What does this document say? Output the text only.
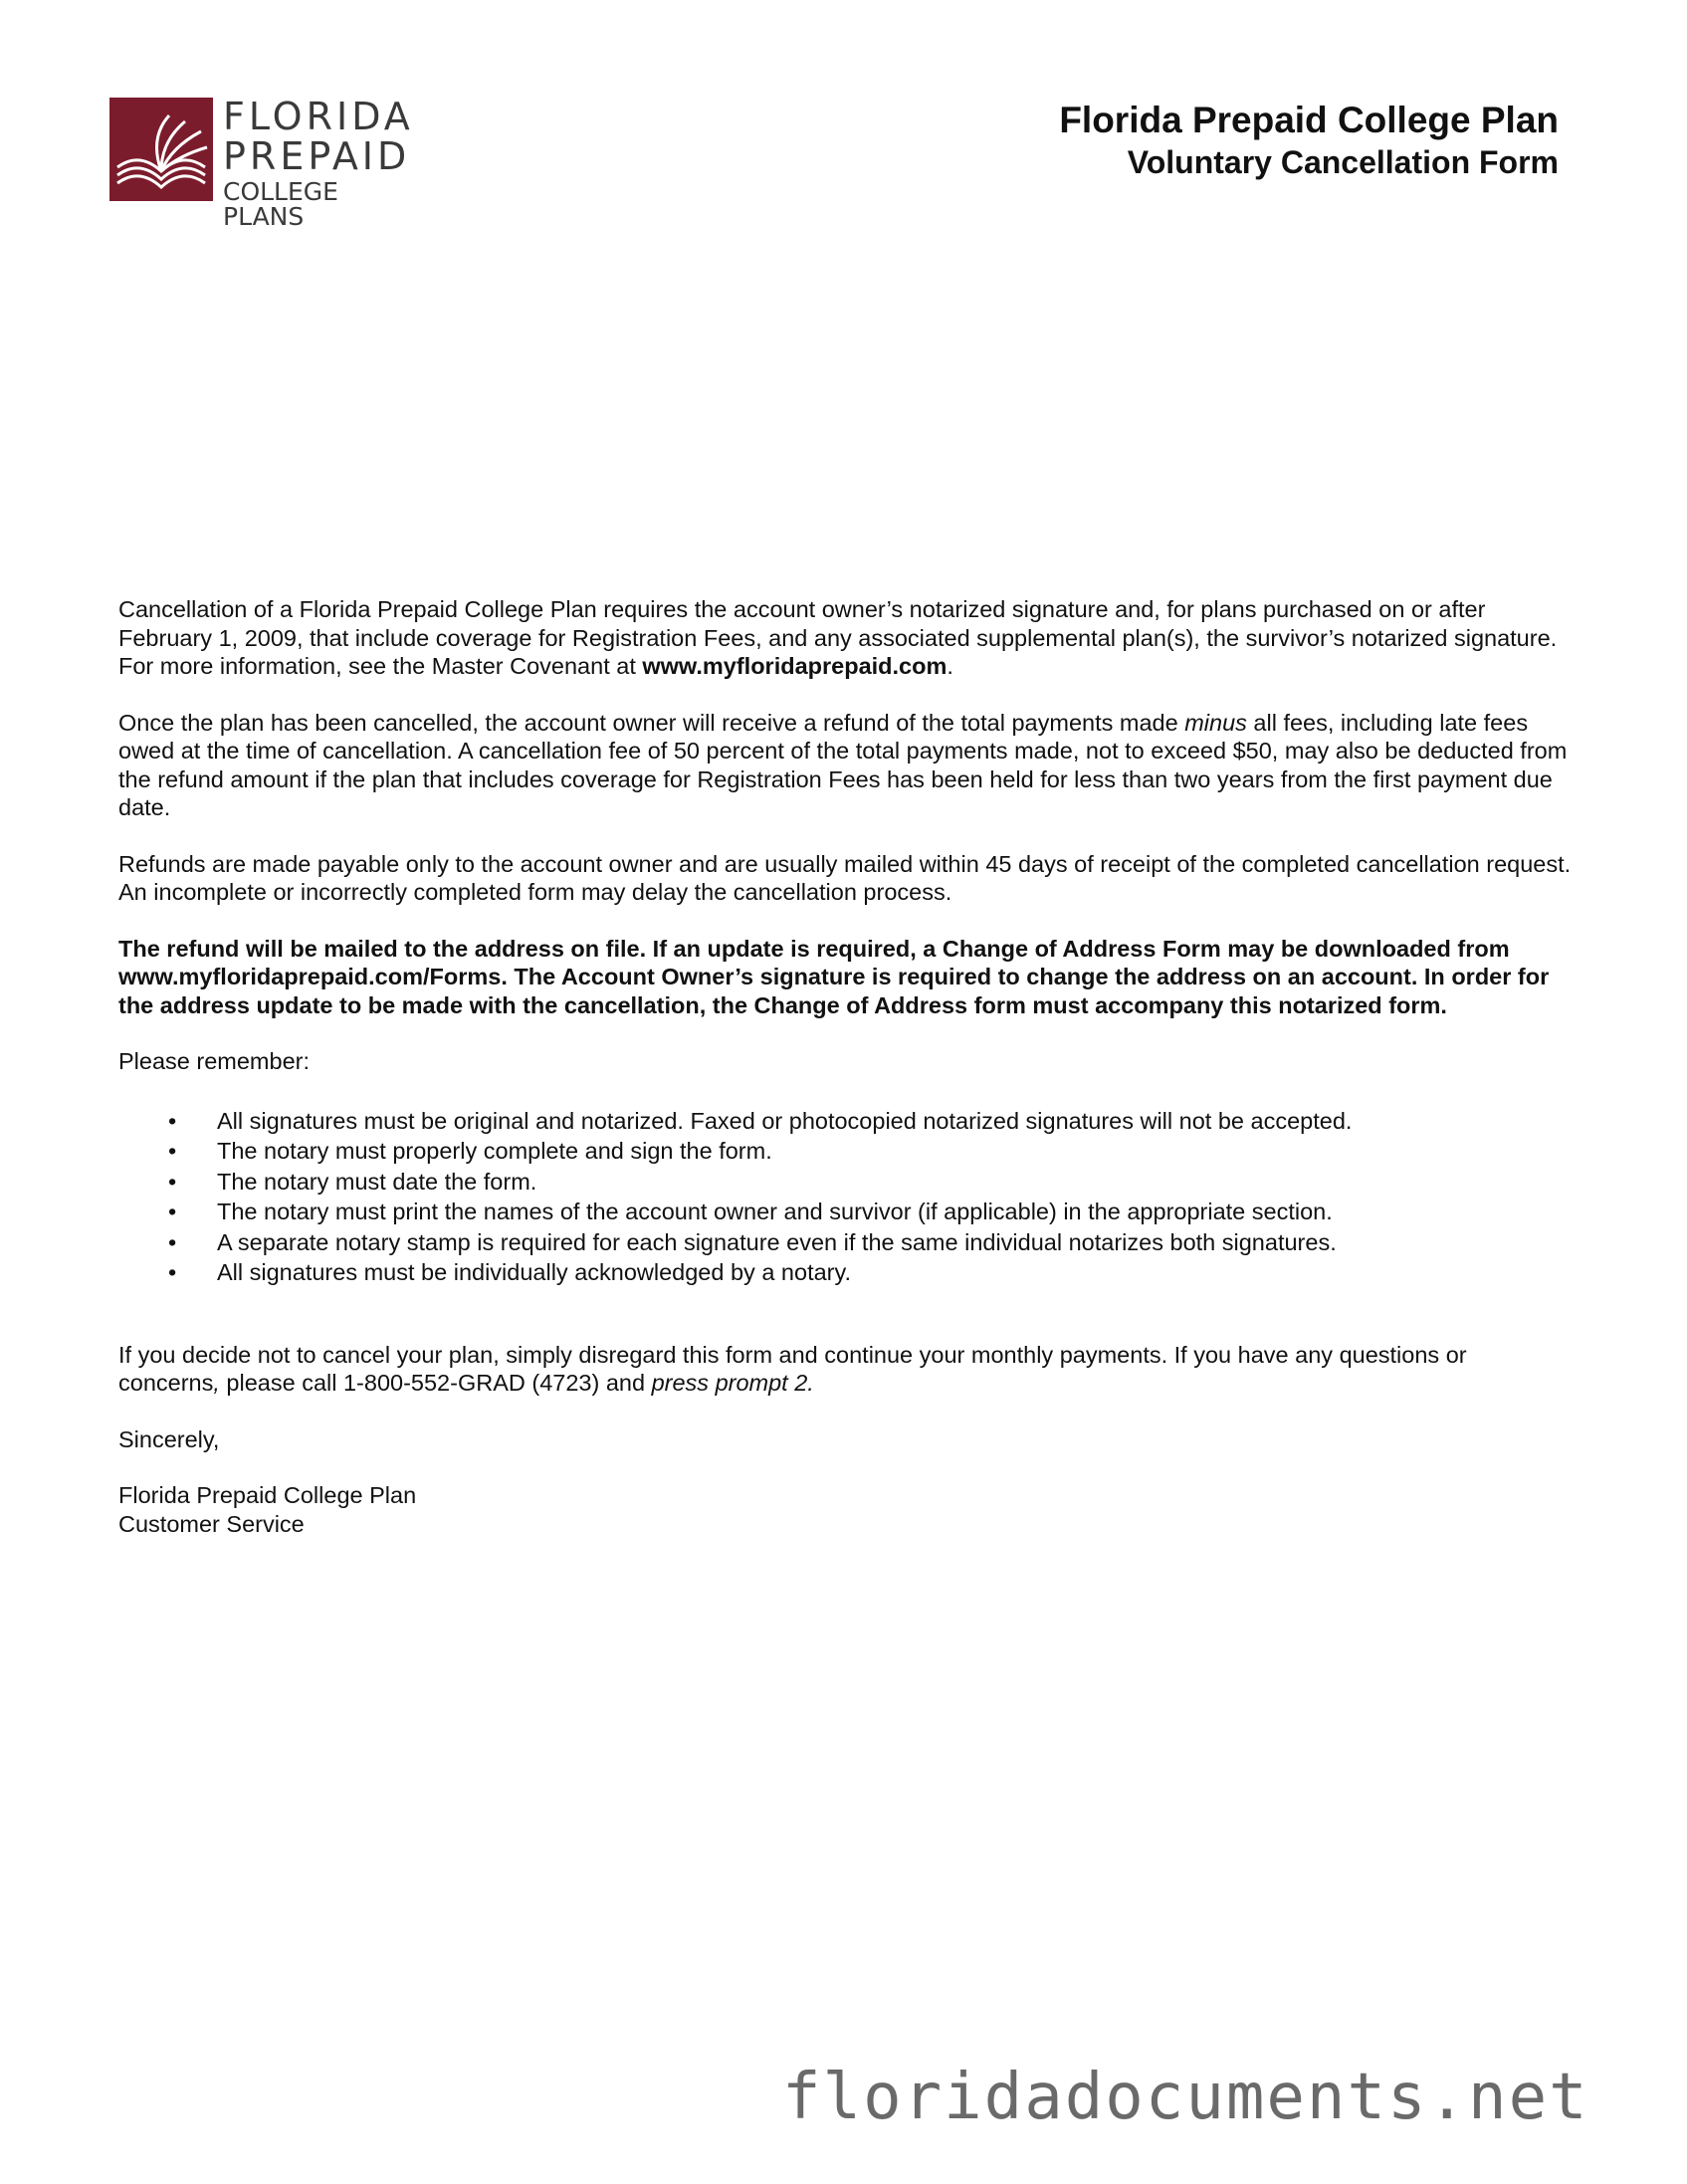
FLORIDA
PREPAID
COLLEGE PLANS
Florida Prepaid College Plan
Voluntary Cancellation Form

Cancellation of a Florida Prepaid College Plan requires the account owner’s notarized signature and, for plans purchased on or after February 1, 2009, that include coverage for Registration Fees, and any associated supplemental plan(s), the survivor’s notarized signature. For more information, see the Master Covenant at www.myfloridaprepaid.com.

Once the plan has been cancelled, the account owner will receive a refund of the total payments made minus all fees, including late fees owed at the time of cancellation. A cancellation fee of 50 percent of the total payments made, not to exceed $50, may also be deducted from the refund amount if the plan that includes coverage for Registration Fees has been held for less than two years from the first payment due date.

Refunds are made payable only to the account owner and are usually mailed within 45 days of receipt of the completed cancellation request. An incomplete or incorrectly completed form may delay the cancellation process.

The refund will be mailed to the address on file. If an update is required, a Change of Address Form may be downloaded from www.myfloridaprepaid.com/Forms. The Account Owner’s signature is required to change the address on an account. In order for the address update to be made with the cancellation, the Change of Address form must accompany this notarized form.

Please remember:

• All signatures must be original and notarized. Faxed or photocopied notarized signatures will not be accepted.
• The notary must properly complete and sign the form.
• The notary must date the form.
• The notary must print the names of the account owner and survivor (if applicable) in the appropriate section.
• A separate notary stamp is required for each signature even if the same individual notarizes both signatures.
• All signatures must be individually acknowledged by a notary.

If you decide not to cancel your plan, simply disregard this form and continue your monthly payments. If you have any questions or concerns, please call 1-800-552-GRAD (4723) and press prompt 2.

Sincerely,

Florida Prepaid College Plan

Customer Service

floridadocuments.net
